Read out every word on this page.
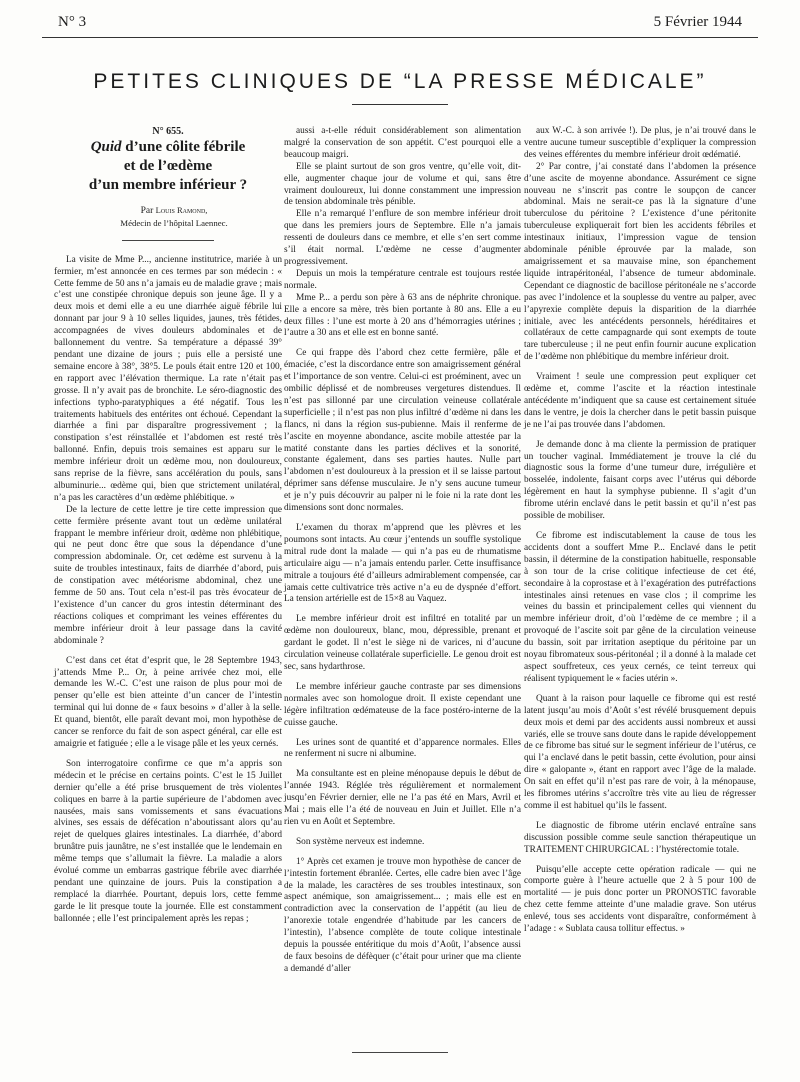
N° 3	5 Février 1944
PETITES CLINIQUES DE “LA PRESSE MÉDICALE”

N° 655.

Quid d’une côlite fébrile
et de l’œdème
d’un membre inférieur ?

Par Louis Ramond,

Médecin de l’hôpital Laennec.

La visite de Mme P..., ancienne institutrice, mariée à un fermier, m’est annoncée en ces termes par son médecin : « Cette femme de 50 ans n’a jamais eu de maladie grave ; mais c’est une constipée chronique depuis son jeune âge. Il y a deux mois et demi elle a eu une diarrhée aiguë fébrile lui donnant par jour 9 à 10 selles liquides, jaunes, très fétides, accompagnées de vives douleurs abdominales et de ballonnement du ventre. Sa température a dépassé 39° pendant une dizaine de jours ; puis elle a persisté une semaine encore à 38°, 38°5. Le pouls était entre 120 et 100, en rapport avec l’élévation thermique. La rate n’était pas grosse. Il n’y avait pas de bronchite. Le séro-diagnostic des infections typho-paratyphiques a été négatif. Tous les traitements habituels des entérites ont échoué. Cependant la diarrhée a fini par disparaître progressivement ; la constipation s’est réinstallée et l’abdomen est resté très ballonné. Enfin, depuis trois semaines est apparu sur le membre inférieur droit un œdème mou, non douloureux, sans reprise de la fièvre, sans accélération du pouls, sans albuminurie... œdème qui, bien que strictement unilatéral, n’a pas les caractères d’un œdème phlébitique. »

De la lecture de cette lettre je tire cette impression que cette fermière présente avant tout un œdème unilatéral frappant le membre inférieur droit, œdème non phlébitique, qui ne peut donc être que sous la dépendance d’une compression abdominale. Or, cet œdème est survenu à la suite de troubles intestinaux, faits de diarrhée d’abord, puis de constipation avec météorisme abdominal, chez une femme de 50 ans. Tout cela n’est-il pas très évocateur de l’existence d’un cancer du gros intestin déterminant des réactions coliques et comprimant les veines efférentes du membre inférieur droit à leur passage dans la cavité abdominale ?

C’est dans cet état d’esprit que, le 28 Septembre 1943, j’attends Mme P... Or, à peine arrivée chez moi, elle demande les W.-C. C’est une raison de plus pour moi de penser qu’elle est bien atteinte d’un cancer de l’intestin terminal qui lui donne de « faux besoins » d’aller à la selle. Et quand, bientôt, elle paraît devant moi, mon hypothèse de cancer se renforce du fait de son aspect général, car elle est amaigrie et fatiguée ; elle a le visage pâle et les yeux cernés.

Son interrogatoire confirme ce que m’a appris son médecin et le précise en certains points. C’est le 15 Juillet dernier qu’elle a été prise brusquement de très violentes coliques en barre à la partie supérieure de l’abdomen avec nausées, mais sans vomissements et sans évacuations alvines, ses essais de défécation n’aboutissant alors qu’au rejet de quelques glaires intestinales. La diarrhée, d’abord brunâtre puis jaunâtre, ne s’est installée que le lendemain en même temps que s’allumait la fièvre. La maladie a alors évolué comme un embarras gastrique fébrile avec diarrhée pendant une quinzaine de jours. Puis la constipation a remplacé la diarrhée. Pourtant, depuis lors, cette femme garde le lit presque toute la journée. Elle est constamment ballonnée ; elle l’est principalement après les repas ;

aussi a-t-elle réduit considérablement son alimentation malgré la conservation de son appétit. C’est pourquoi elle a beaucoup maigri.

Elle se plaint surtout de son gros ventre, qu’elle voit, dit-elle, augmenter chaque jour de volume et qui, sans être vraiment douloureux, lui donne constamment une impression de tension abdominale très pénible.

Elle n’a remarqué l’enflure de son membre inférieur droit que dans les premiers jours de Septembre. Elle n’a jamais ressenti de douleurs dans ce membre, et elle s’en sert comme s’il était normal. L’œdème ne cesse d’augmenter progressivement.

Depuis un mois la température centrale est toujours restée normale.

Mme P... a perdu son père à 63 ans de néphrite chronique. Elle a encore sa mère, très bien portante à 80 ans. Elle a eu deux filles : l’une est morte à 20 ans d’hémorragies utérines ; l’autre a 30 ans et elle est en bonne santé.

Ce qui frappe dès l’abord chez cette fermière, pâle et émaciée, c’est la discordance entre son amaigrissement général et l’importance de son ventre. Celui-ci est proéminent, avec un ombilic déplissé et de nombreuses vergetures distendues. Il n’est pas sillonné par une circulation veineuse collatérale superficielle ; il n’est pas non plus infiltré d’œdème ni dans les flancs, ni dans la région sus-pubienne. Mais il renferme de l’ascite en moyenne abondance, ascite mobile attestée par la matité constante dans les parties déclives et la sonorité, constante également, dans ses parties hautes. Nulle part l’abdomen n’est douloureux à la pression et il se laisse partout déprimer sans défense musculaire. Je n’y sens aucune tumeur et je n’y puis découvrir au palper ni le foie ni la rate dont les dimensions sont donc normales.

L’examen du thorax m’apprend que les plèvres et les poumons sont intacts. Au cœur j’entends un souffle systolique mitral rude dont la malade — qui n’a pas eu de rhumatisme articulaire aigu — n’a jamais entendu parler. Cette insuffisance mitrale a toujours été d’ailleurs admirablement compensée, car jamais cette cultivatrice très active n’a eu de dyspnée d’effort. La tension artérielle est de 15×8 au Vaquez.

Le membre inférieur droit est infiltré en totalité par un œdème non douloureux, blanc, mou, dépressible, prenant et gardant le godet. Il n’est le siège ni de varices, ni d’aucune circulation veineuse collatérale superficielle. Le genou droit est sec, sans hydarthrose.

Le membre inférieur gauche contraste par ses dimensions normales avec son homologue droit. Il existe cependant une légère infiltration œdémateuse de la face postéro-interne de la cuisse gauche.

Les urines sont de quantité et d’apparence normales. Elles ne renferment ni sucre ni albumine.

Ma consultante est en pleine ménopause depuis le début de l’année 1943. Réglée très régulièrement et normalement jusqu’en Février dernier, elle ne l’a pas été en Mars, Avril et Mai ; mais elle l’a été de nouveau en Juin et Juillet. Elle n’a rien vu en Août et Septembre.

Son système nerveux est indemne.

1° Après cet examen je trouve mon hypothèse de cancer de l’intestin fortement ébranlée. Certes, elle cadre bien avec l’âge de la malade, les caractères de ses troubles intestinaux, son aspect anémique, son amaigrissement... ; mais elle est en contradiction avec la conservation de l’appétit (au lieu de l’anorexie totale engendrée d’habitude par les cancers de l’intestin), l’absence complète de toute colique intestinale depuis la poussée entéritique du mois d’Août, l’absence aussi de faux besoins de défèquer (c’était pour uriner que ma cliente a demandé d’aller

aux W.-C. à son arrivée !). De plus, je n’ai trouvé dans le ventre aucune tumeur susceptible d’expliquer la compression des veines efférentes du membre inférieur droit œdématié.

2° Par contre, j’ai constaté dans l’abdomen la présence d’une ascite de moyenne abondance. Assurément ce signe nouveau ne s’inscrit pas contre le soupçon de cancer abdominal. Mais ne serait-ce pas là la signature d’une tuberculose du péritoine ? L’existence d’une péritonite tuberculeuse expliquerait fort bien les accidents fébriles et intestinaux initiaux, l’impression vague de tension abdominale pénible éprouvée par la malade, son amaigrissement et sa mauvaise mine, son épanchement liquide intrapéritonéal, l’absence de tumeur abdominale. Cependant ce diagnostic de bacillose péritonéale ne s’accorde pas avec l’indolence et la souplesse du ventre au palper, avec l’apyrexie complète depuis la disparition de la diarrhée initiale, avec les antécédents personnels, héréditaires et collatéraux de cette campagnarde qui sont exempts de toute tare tuberculeuse ; il ne peut enfin fournir aucune explication de l’œdème non phlébitique du membre inférieur droit.

Vraiment ! seule une compression peut expliquer cet œdème et, comme l’ascite et la réaction intestinale antécédente m’indiquent que sa cause est certainement située dans le ventre, je dois la chercher dans le petit bassin puisque je ne l’ai pas trouvée dans l’abdomen.

Je demande donc à ma cliente la permission de pratiquer un toucher vaginal. Immédiatement je trouve la clé du diagnostic sous la forme d’une tumeur dure, irrégulière et bosselée, indolente, faisant corps avec l’utérus qui déborde légèrement en haut la symphyse pubienne. Il s’agit d’un fibrome utérin enclavé dans le petit bassin et qu’il n’est pas possible de mobiliser.

Ce fibrome est indiscutablement la cause de tous les accidents dont a souffert Mme P... Enclavé dans le petit bassin, il détermine de la constipation habituelle, responsable à son tour de la crise colitique infectieuse de cet été, secondaire à la coprostase et à l’exagération des putréfactions intestinales ainsi retenues en vase clos ; il comprime les veines du bassin et principalement celles qui viennent du membre inférieur droit, d’où l’œdème de ce membre ; il a provoqué de l’ascite soit par gêne de la circulation veineuse du bassin, soit par irritation aseptique du péritoine par un noyau fibromateux sous-péritonéal ; il a donné à la malade cet aspect souffreteux, ces yeux cernés, ce teint terreux qui réalisent typiquement le « facies utérin ».

Quant à la raison pour laquelle ce fibrome qui est resté latent jusqu’au mois d’Août s’est révélé brusquement depuis deux mois et demi par des accidents aussi nombreux et aussi variés, elle se trouve sans doute dans le rapide développement de ce fibrome bas situé sur le segment inférieur de l’utérus, ce qui l’a enclavé dans le petit bassin, cette évolution, pour ainsi dire « galopante », étant en rapport avec l’âge de la malade. On sait en effet qu’il n’est pas rare de voir, à la ménopause, les fibromes utérins s’accroître très vite au lieu de régresser comme il est habituel qu’ils le fassent.

Le diagnostic de fibrome utérin enclavé entraîne sans discussion possible comme seule sanction thérapeutique un TRAITEMENT CHIRURGICAL : l’hystérectomie totale.

Puisqu’elle accepte cette opération radicale — qui ne comporte guère à l’heure actuelle que 2 à 5 pour 100 de mortalité — je puis donc porter un PRONOSTIC favorable chez cette femme atteinte d’une maladie grave. Son utérus enlevé, tous ses accidents vont disparaître, conformément à l’adage : « Sublata causa tollitur effectus. »
